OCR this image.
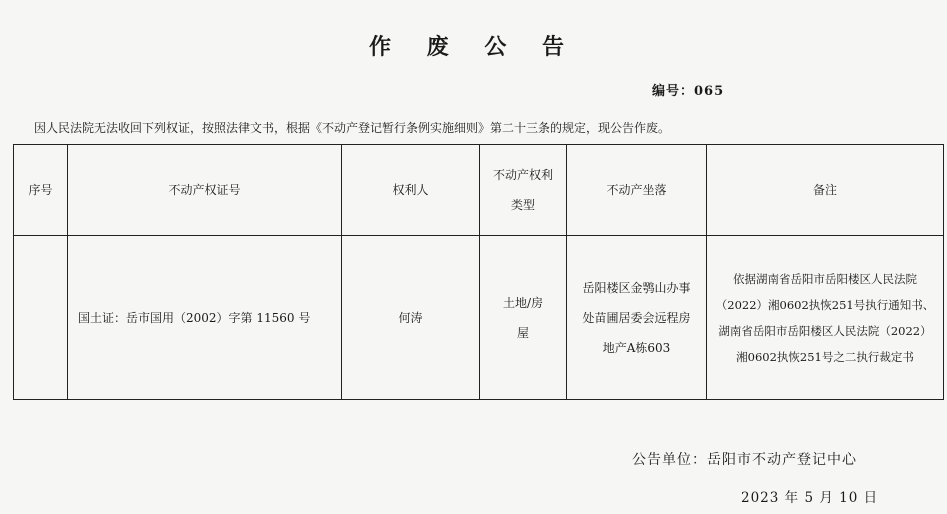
作 废 公 告
编号：065
因人民法院无法收回下列权证，按照法律文书，根据《不动产登记暂行条例实施细则》第二十三条的规定，现公告作废。
序号	不动产权证号	权利人	不动产权利类型	不动产坐落	备注
	国土证：岳市国用（2002）字第 11560 号	何涛	土地/房屋	岳阳楼区金鹗山办事处苗圃居委会远程房地产A栋603	依据湖南省岳阳市岳阳楼区人民法院（2022）湘0602执恢251号执行通知书、湖南省岳阳市岳阳楼区人民法院（2022）湘0602执恢251号之二执行裁定书
公告单位：岳阳市不动产登记中心
2023 年 5 月 10 日
